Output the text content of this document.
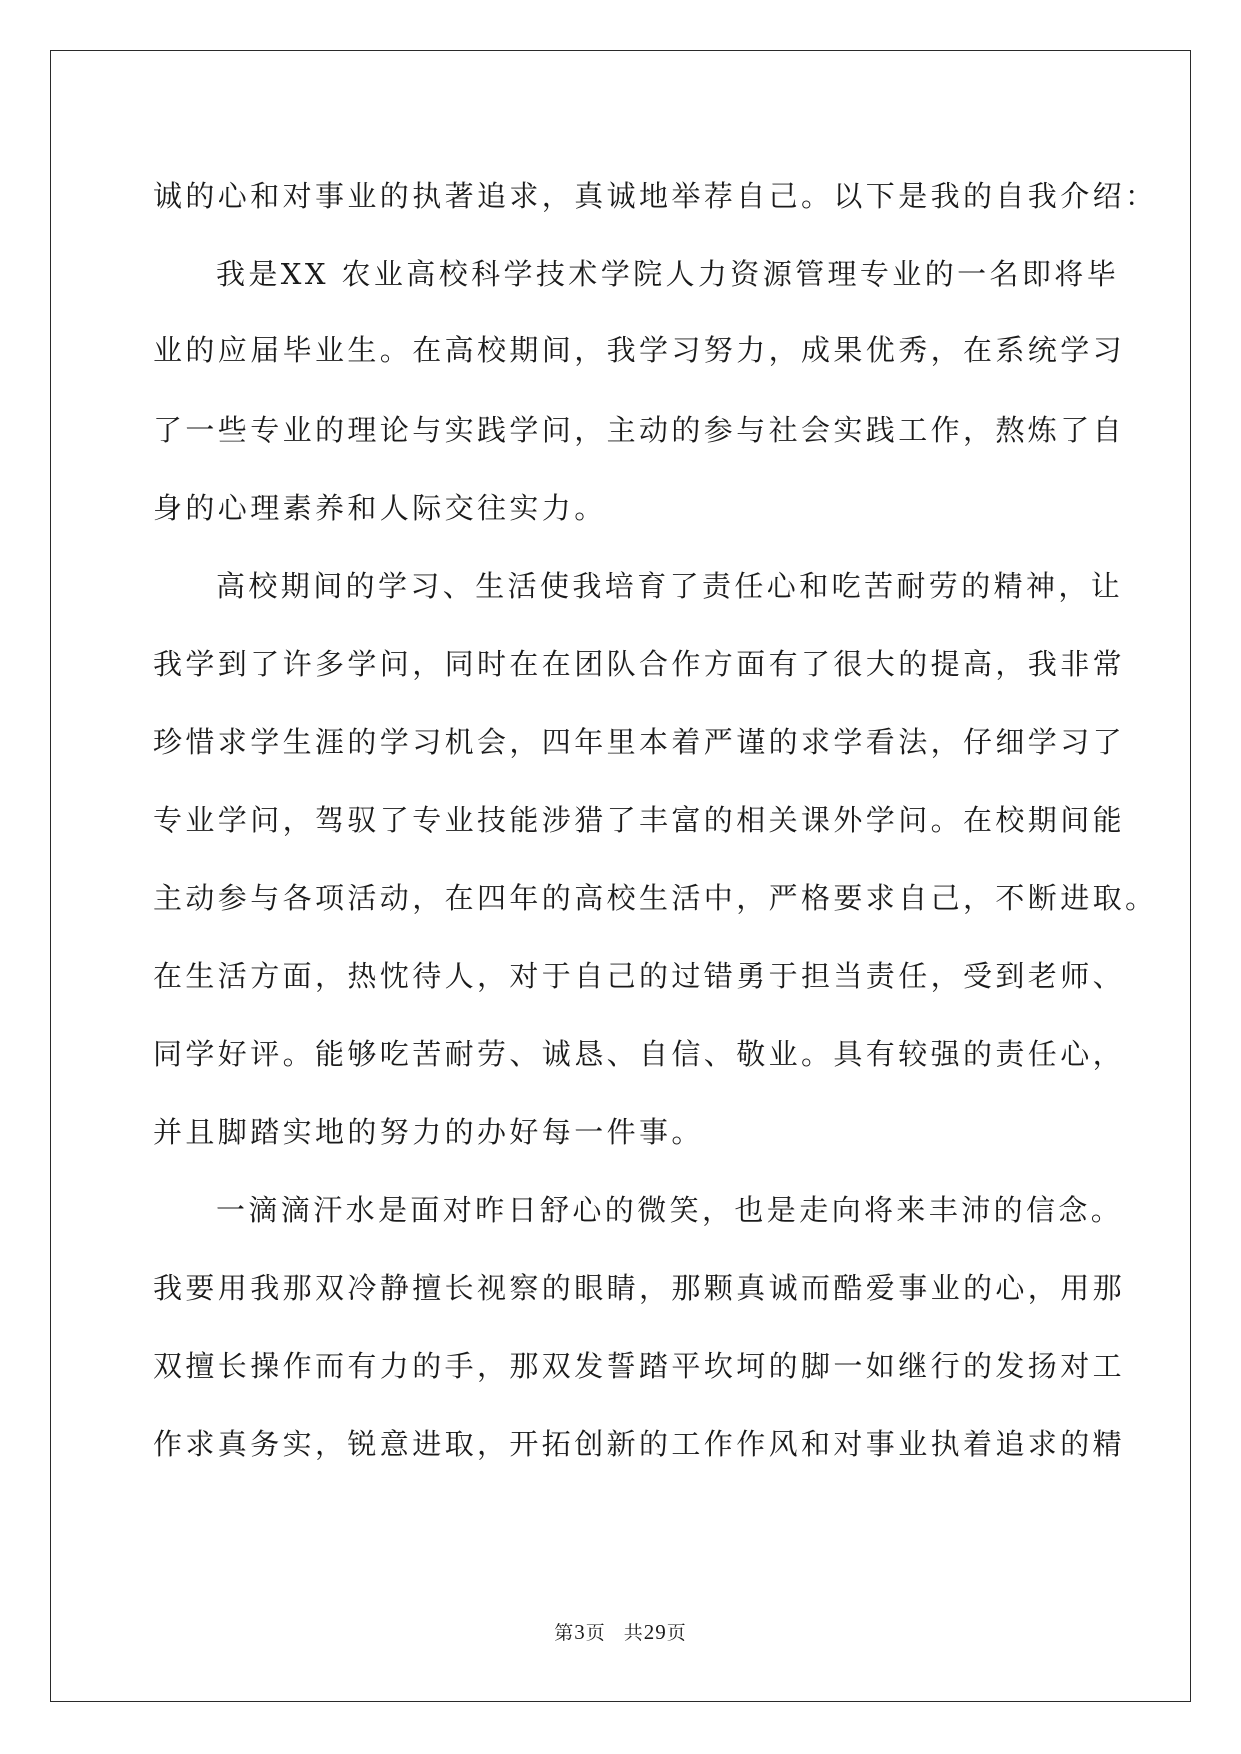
诚的心和对事业的执著追求，真诚地举荐自己。以下是我的自我介绍：
我是XX 农业高校科学技术学院人力资源管理专业的一名即将毕
业的应届毕业生。在高校期间，我学习努力，成果优秀，在系统学习
了一些专业的理论与实践学问，主动的参与社会实践工作，熬炼了自
身的心理素养和人际交往实力。
高校期间的学习、生活使我培育了责任心和吃苦耐劳的精神，让
我学到了许多学问，同时在在团队合作方面有了很大的提高，我非常
珍惜求学生涯的学习机会，四年里本着严谨的求学看法，仔细学习了
专业学问，驾驭了专业技能涉猎了丰富的相关课外学问。在校期间能
主动参与各项活动，在四年的高校生活中，严格要求自己，不断进取。
在生活方面，热忱待人，对于自己的过错勇于担当责任，受到老师、
同学好评。能够吃苦耐劳、诚恳、自信、敬业。具有较强的责任心，
并且脚踏实地的努力的办好每一件事。
一滴滴汗水是面对昨日舒心的微笑，也是走向将来丰沛的信念。
我要用我那双冷静擅长视察的眼睛，那颗真诚而酷爱事业的心，用那
双擅长操作而有力的手，那双发誓踏平坎坷的脚一如继行的发扬对工
作求真务实，锐意进取，开拓创新的工作作风和对事业执着追求的精
第3页 共29页
